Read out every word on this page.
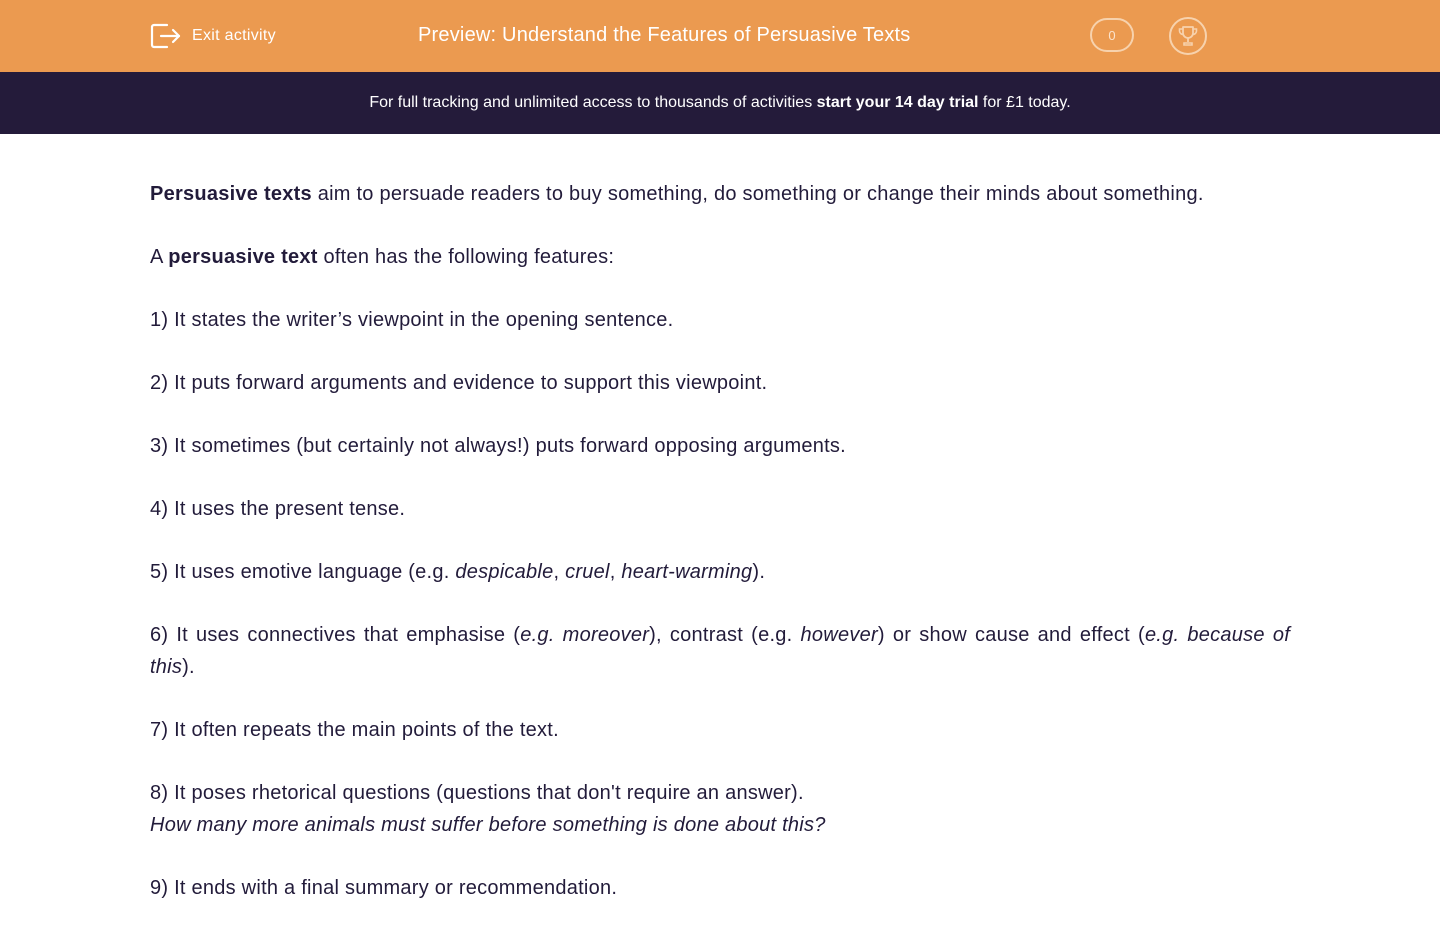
Exit activity	Preview: Understand the Features of Persuasive Texts	0
For full tracking and unlimited access to thousands of activities start your 14 day trial for £1 today.

Persuasive texts aim to persuade readers to buy something, do something or change their minds about something.

A persuasive text often has the following features:

1) It states the writer’s viewpoint in the opening sentence.

2) It puts forward arguments and evidence to support this viewpoint.

3) It sometimes (but certainly not always!) puts forward opposing arguments.

4) It uses the present tense.

5) It uses emotive language (e.g. despicable, cruel, heart-warming).

6) It uses connectives that emphasise (e.g. moreover), contrast (e.g. however) or show cause and effect (e.g. because of this).

7) It often repeats the main points of the text.

8) It poses rhetorical questions (questions that don't require an answer).

How many more animals must suffer before something is done about this?

9) It ends with a final summary or recommendation.
